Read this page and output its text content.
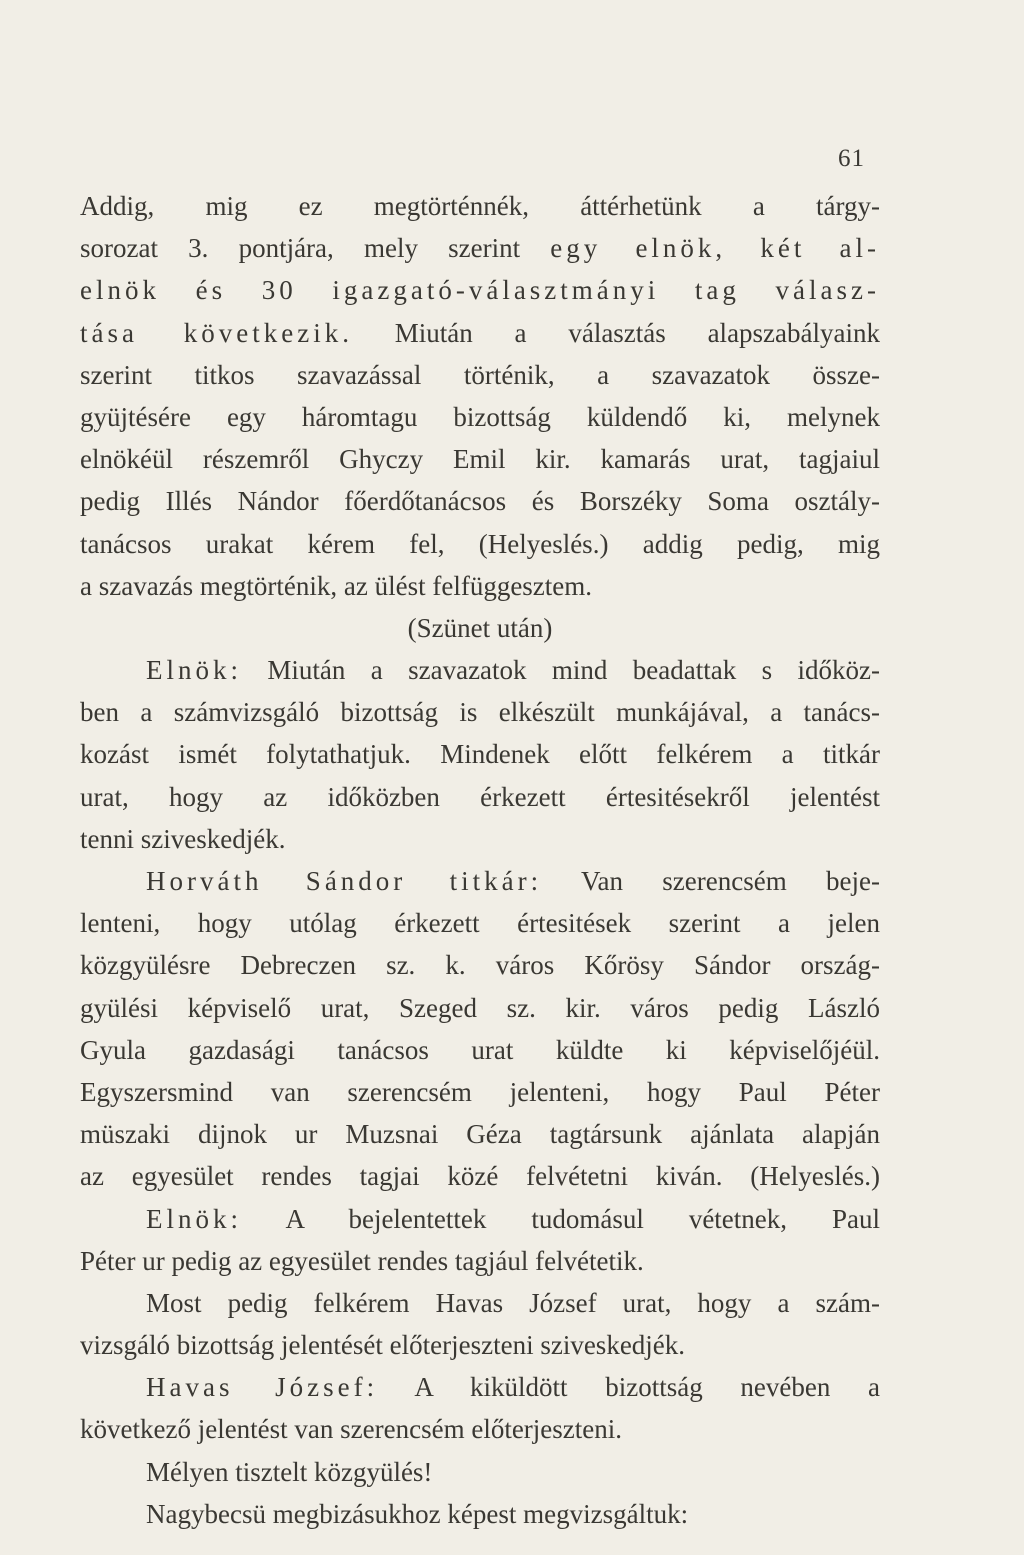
61
Addig, mig ez megtörténnék, áttérhetünk a tárgy-
sorozat 3. pontjára, mely szerint egy elnök, két al-
elnök és 30 igazgató-választmányi tag válasz-
tása következik. Miután a választás alapszabályaink
szerint titkos szavazással történik, a szavazatok össze-
gyüjtésére egy háromtagu bizottság küldendő ki, melynek
elnökéül részemről Ghyczy Emil kir. kamarás urat, tagjaiul
pedig Illés Nándor főerdőtanácsos és Borszéky Soma osztály-
tanácsos urakat kérem fel, (Helyeslés.) addig pedig, mig
a szavazás megtörténik, az ülést felfüggesztem.
(Szünet után)
Elnök: Miután a szavazatok mind beadattak s időköz-
ben a számvizsgáló bizottság is elkészült munkájával, a tanács-
kozást ismét folytathatjuk. Mindenek előtt felkérem a titkár
urat, hogy az időközben érkezett értesitésekről jelentést
tenni sziveskedjék.
Horváth Sándor titkár: Van szerencsém beje-
lenteni, hogy utólag érkezett értesitések szerint a jelen
közgyülésre Debreczen sz. k. város Kőrösy Sándor ország-
gyülési képviselő urat, Szeged sz. kir. város pedig László
Gyula gazdasági tanácsos urat küldte ki képviselőjéül.
Egyszersmind van szerencsém jelenteni, hogy Paul Péter
müszaki dijnok ur Muzsnai Géza tagtársunk ajánlata alapján
az egyesület rendes tagjai közé felvétetni kiván. (Helyeslés.)
Elnök: A bejelentettek tudomásul vétetnek, Paul
Péter ur pedig az egyesület rendes tagjául felvétetik.
Most pedig felkérem Havas József urat, hogy a szám-
vizsgáló bizottság jelentését előterjeszteni sziveskedjék.
Havas József: A kiküldött bizottság nevében a
következő jelentést van szerencsém előterjeszteni.
Mélyen tisztelt közgyülés!
Nagybecsü megbizásukhoz képest megvizsgáltuk:
